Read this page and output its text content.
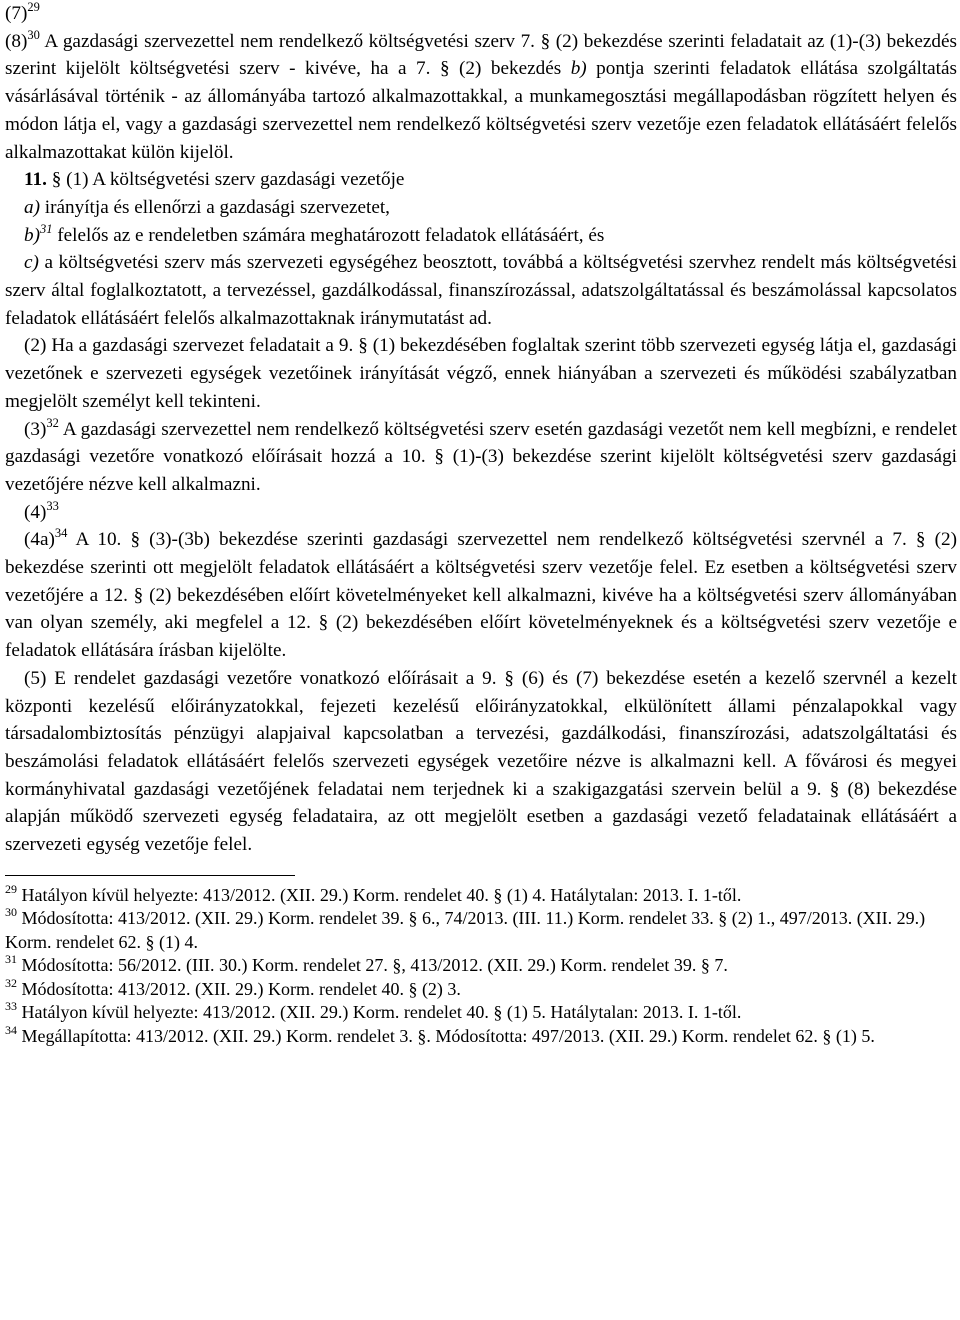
$(7)^{29}$

$(8)^{30}$ A gazdasági szervezettel nem rendelkező költségvetési szerv 7. § (2) bekezdése szerinti feladatait az (1)-(3) bekezdés szerint kijelölt költségvetési szerv - kivéve, ha a 7. § (2) bekezdés b) pontja szerinti feladatok ellátása szolgáltatás vásárlásával történik - az állományába tartozó alkalmazottakkal, a munkamegosztási megállapodásban rögzített helyen és módon látja el, vagy a gazdasági szervezettel nem rendelkező költségvetési szerv vezetője ezen feladatok ellátásáért felelős alkalmazottakat külön kijelöl.

11. § (1) A költségvetési szerv gazdasági vezetője

a) irányítja és ellenőrzi a gazdasági szervezetet,

b)$^{31}$ felelős az e rendeletben számára meghatározott feladatok ellátásáért, és

c) a költségvetési szerv más szervezeti egységéhez beosztott, továbbá a költségvetési szervhez rendelt más költségvetési szerv által foglalkoztatott, a tervezéssel, gazdálkodással, finanszírozással, adatszolgáltatással és beszámolással kapcsolatos feladatok ellátásáért felelős alkalmazottaknak iránymutatást ad.

(2) Ha a gazdasági szervezet feladatait a 9. § (1) bekezdésében foglaltak szerint több szervezeti egység látja el, gazdasági vezetőnek e szervezeti egységek vezetőinek irányítását végző, ennek hiányában a szervezeti és működési szabályzatban megjelölt személyt kell tekinteni.

$(3)^{32}$ A gazdasági szervezettel nem rendelkező költségvetési szerv esetén gazdasági vezetőt nem kell megbízni, e rendelet gazdasági vezetőre vonatkozó előírásait hozzá a 10. § (1)-(3) bekezdése szerint kijelölt költségvetési szerv gazdasági vezetőjére nézve kell alkalmazni.

$(4)^{33}$

$(4a)^{34}$ A 10. § (3)-(3b) bekezdése szerinti gazdasági szervezettel nem rendelkező költségvetési szervnél a 7. § (2) bekezdése szerinti ott megjelölt feladatok ellátásáért a költségvetési szerv vezetője felel. Ez esetben a költségvetési szerv vezetőjére a 12. § (2) bekezdésében előírt követelményeket kell alkalmazni, kivéve ha a költségvetési szerv állományában van olyan személy, aki megfelel a 12. § (2) bekezdésében előírt követelményeknek és a költségvetési szerv vezetője e feladatok ellátására írásban kijelölte.

(5) E rendelet gazdasági vezetőre vonatkozó előírásait a 9. § (6) és (7) bekezdése esetén a kezelő szervnél a kezelt központi kezelésű előirányzatokkal, fejezeti kezelésű előirányzatokkal, elkülönített állami pénzalapokkal vagy társadalombiztosítás pénzügyi alapjaival kapcsolatban a tervezési, gazdálkodási, finanszírozási, adatszolgáltatási és beszámolási feladatok ellátásáért felelős szervezeti egységek vezetőire nézve is alkalmazni kell. A fővárosi és megyei kormányhivatal gazdasági vezetőjének feladatai nem terjednek ki a szakigazgatási szervein belül a 9. § (8) bekezdése alapján működő szervezeti egység feladataira, az ott megjelölt esetben a gazdasági vezető feladatainak ellátásáért a szervezeti egység vezetője felel.

$^{29}$ Hatályon kívül helyezte: 413/2012. (XII. 29.) Korm. rendelet 40. § (1) 4. Hatálytalan: 2013. I. 1-től.

$^{30}$ Módosította: 413/2012. (XII. 29.) Korm. rendelet 39. § 6., 74/2013. (III. 11.) Korm. rendelet 33. § (2) 1., 497/2013. (XII. 29.) Korm. rendelet 62. § (1) 4.

$^{31}$ Módosította: 56/2012. (III. 30.) Korm. rendelet 27. §, 413/2012. (XII. 29.) Korm. rendelet 39. § 7.

$^{32}$ Módosította: 413/2012. (XII. 29.) Korm. rendelet 40. § (2) 3.

$^{33}$ Hatályon kívül helyezte: 413/2012. (XII. 29.) Korm. rendelet 40. § (1) 5. Hatálytalan: 2013. I. 1-től.

$^{34}$ Megállapította: 413/2012. (XII. 29.) Korm. rendelet 3. §. Módosította: 497/2013. (XII. 29.) Korm. rendelet 62. § (1) 5.
